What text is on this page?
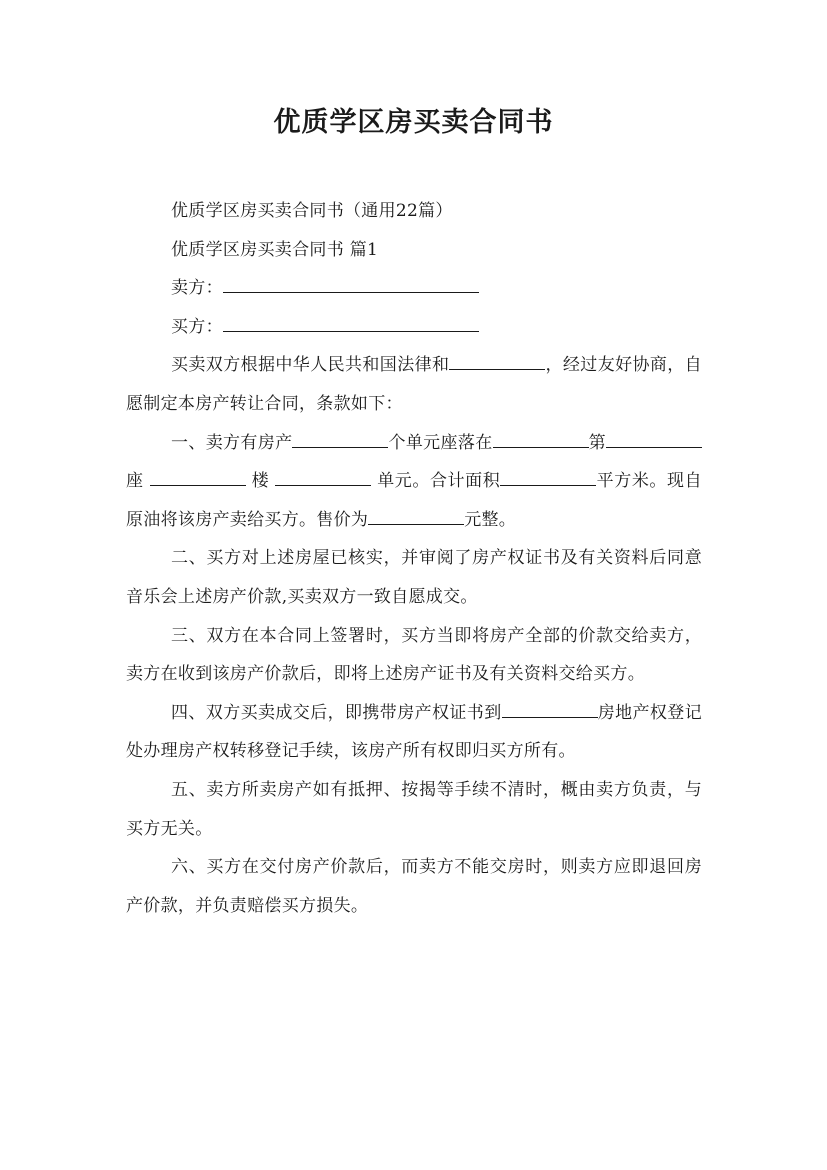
优质学区房买卖合同书

优质学区房买卖合同书（通用22篇）

优质学区房买卖合同书 篇1

卖方：

买方：

买卖双方根据中华人民共和国法律和	，经过友好协商，自愿制定本房产转让合同，条款如下：

一、卖方有房产	个单元座落在	第 座	楼	单元。合计面积	平方米。现自原油将该房产卖给买方。售价为	元整。

二、买方对上述房屋已核实，并审阅了房产权证书及有关资料后同意音乐会上述房产价款,买卖双方一致自愿成交。

三、双方在本合同上签署时，买方当即将房产全部的价款交给卖方，卖方在收到该房产价款后，即将上述房产证书及有关资料交给买方。

四、双方买卖成交后，即携带房产权证书到	房地产权登记处办理房产权转移登记手续，该房产所有权即归买方所有。

五、卖方所卖房产如有抵押、按揭等手续不清时，概由卖方负责，与买方无关。

六、买方在交付房产价款后，而卖方不能交房时，则卖方应即退回房产价款，并负责赔偿买方损失。
